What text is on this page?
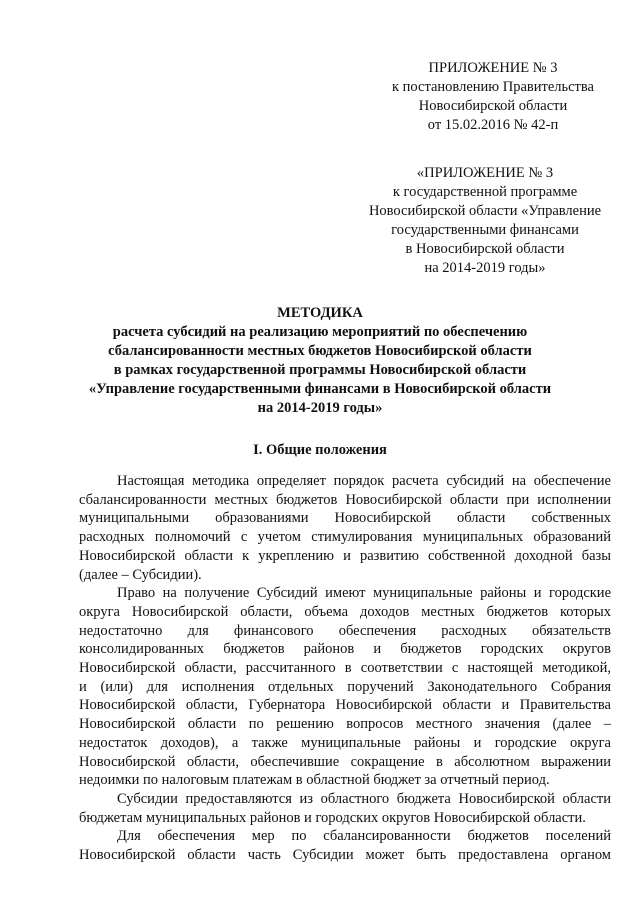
ПРИЛОЖЕНИЕ № 3
к постановлению Правительства
Новосибирской области
от 15.02.2016 № 42-п
«ПРИЛОЖЕНИЕ № 3
к государственной программе
Новосибирской области «Управление
государственными финансами
в Новосибирской области
на 2014-2019 годы»
МЕТОДИКА
расчета субсидий на реализацию мероприятий по обеспечению
сбалансированности местных бюджетов Новосибирской области
в рамках государственной программы Новосибирской области
«Управление государственными финансами в Новосибирской области
на 2014-2019 годы»
I. Общие положения
Настоящая методика определяет порядок расчета субсидий на обеспечение
сбалансированности местных бюджетов Новосибирской области при исполнении
муниципальными образованиями Новосибирской области собственных
расходных полномочий с учетом стимулирования муниципальных образований
Новосибирской области к укреплению и развитию собственной доходной базы
(далее – Субсидии).
Право на получение Субсидий имеют муниципальные районы и городские
округа Новосибирской области, объема доходов местных бюджетов которых
недостаточно для финансового обеспечения расходных обязательств
консолидированных бюджетов районов и бюджетов городских округов
Новосибирской области, рассчитанного в соответствии с настоящей методикой,
и (или) для исполнения отдельных поручений Законодательного Собрания
Новосибирской области, Губернатора Новосибирской области и Правительства
Новосибирской области по решению вопросов местного значения (далее –
недостаток доходов), а также муниципальные районы и городские округа
Новосибирской области, обеспечившие сокращение в абсолютном выражении
недоимки по налоговым платежам в областной бюджет за отчетный период.
Субсидии предоставляются из областного бюджета Новосибирской области
бюджетам муниципальных районов и городских округов Новосибирской области.
Для обеспечения мер по сбалансированности бюджетов поселений
Новосибирской области часть Субсидии может быть предоставлена органом
